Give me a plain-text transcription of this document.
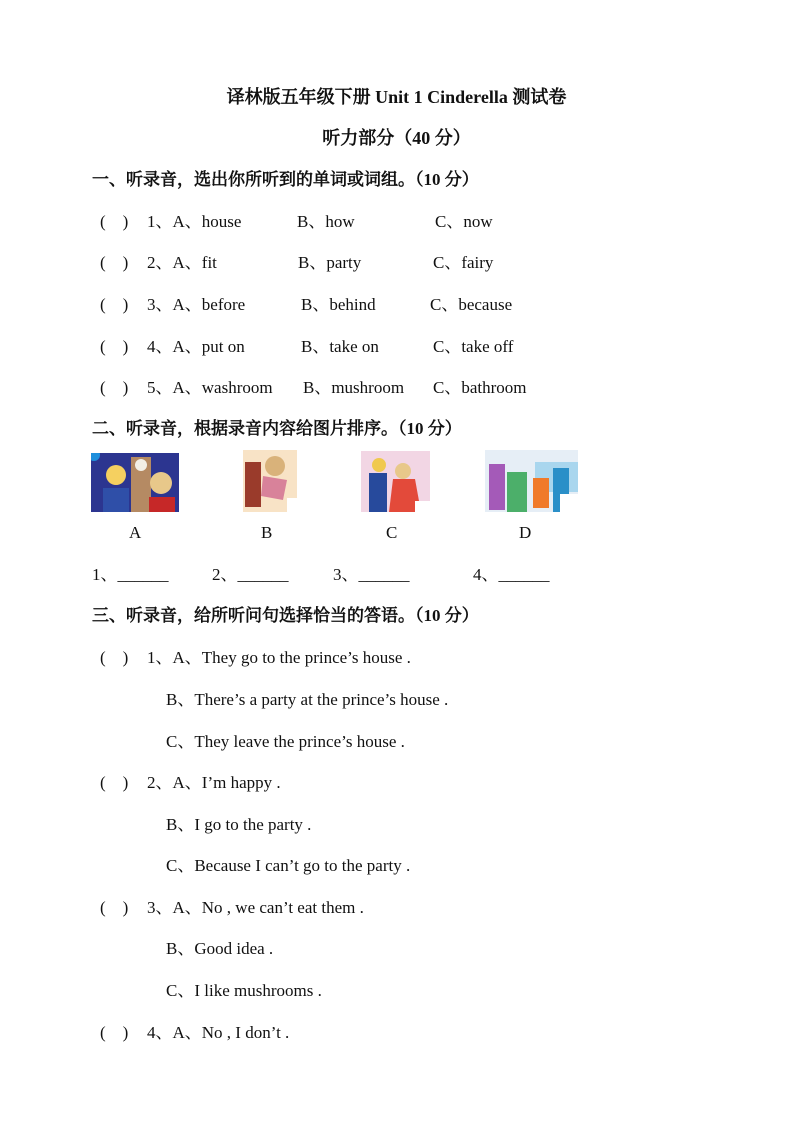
译林版五年级下册 Unit 1 Cinderella 测试卷
听力部分（40 分）
一、听录音，选出你所听到的单词或词组。（10 分）
(    ) 1、A、house	B、how	C、now
(    ) 2、A、fit	B、party	C、fairy
(    ) 3、A、before	B、behind	C、because
(    ) 4、A、put on	B、take on	C、take off
(    ) 5、A、washroom B、mushroom C、bathroom
二、听录音，根据录音内容给图片排序。（10 分）
A	B	C	D
1、______	2、______	3、______	4、______
三、听录音，给所听问句选择恰当的答语。（10 分）
(    ) 1、A、They go to the prince’s house .
B、There’s a party at the prince’s house .
C、They leave the prince’s house .
(    ) 2、A、I’m happy .
B、I go to the party .
C、Because I can’t go to the party .
(    ) 3、A、No , we can’t eat them .
B、Good idea .
C、I like mushrooms .
(    ) 4、A、No , I don’t .
